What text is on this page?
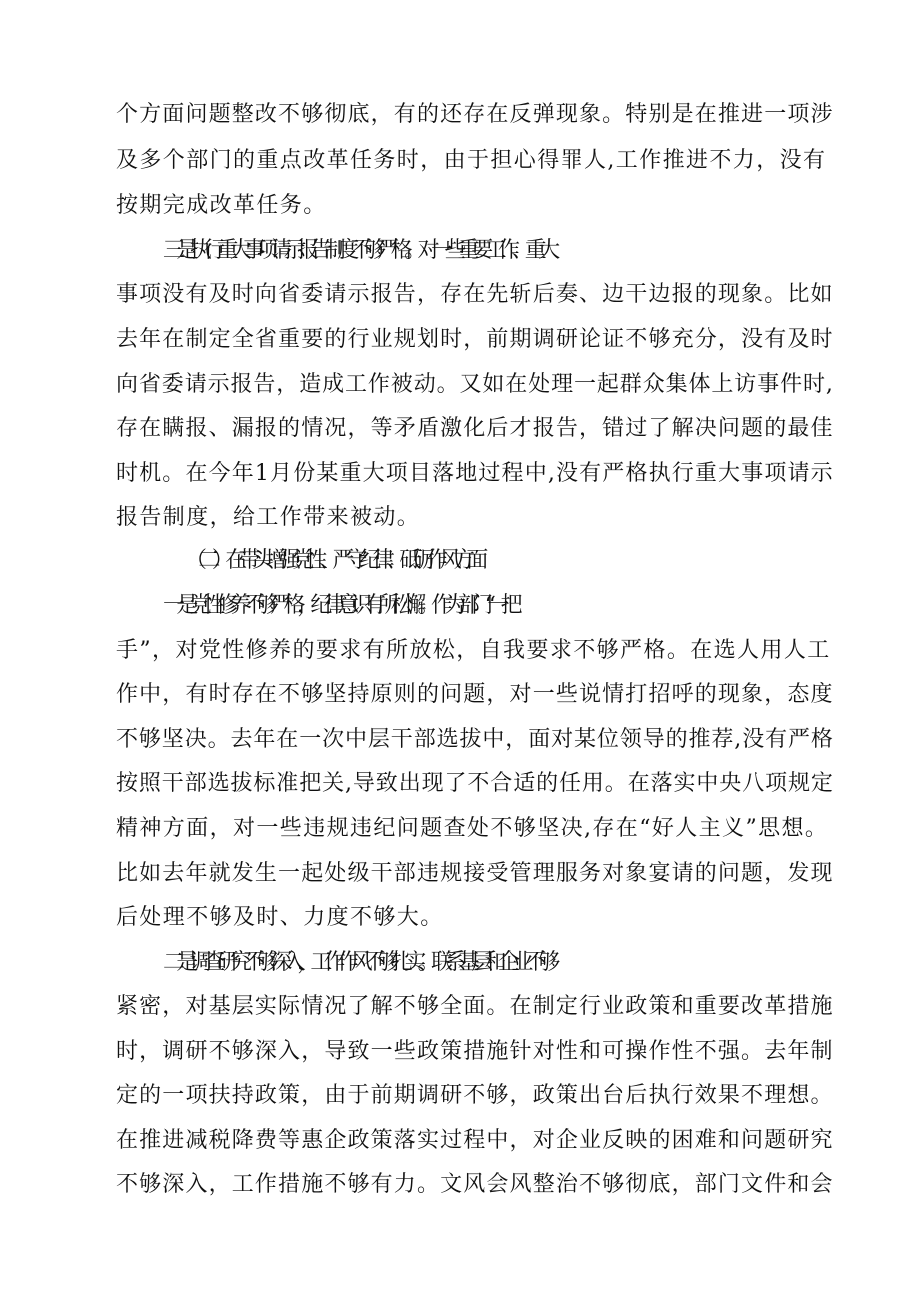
个方面问题整改不够彻底，有的还存在反弹现象。特别是在推进一项涉
及多个部门的重点改革任务时，由于担心得罪人,工作推进不力，没有
按期完成改革任务。
三是执行重大事项请示报告制度不够严格。对一些重要工作、重大
事项没有及时向省委请示报告，存在先斩后奏、边干边报的现象。比如
去年在制定全省重要的行业规划时，前期调研论证不够充分，没有及时
向省委请示报告，造成工作被动。又如在处理一起群众集体上访事件时,
存在瞒报、漏报的情况，等矛盾激化后才报告，错过了解决问题的最佳
时机。在今年1月份某重大项目落地过程中,没有严格执行重大事项请示
报告制度，给工作带来被动。
（二）在带头增强党性、严守纪律、砥砺作风方面
一是党性修养不够严格，纪律意识有所松懈。作为部门“一把
手”，对党性修养的要求有所放松，自我要求不够严格。在选人用人工
作中，有时存在不够坚持原则的问题，对一些说情打招呼的现象，态度
不够坚决。去年在一次中层干部选拔中，面对某位领导的推荐,没有严格
按照干部选拔标准把关,导致出现了不合适的任用。在落实中央八项规定
精神方面，对一些违规违纪问题查处不够坚决,存在“好人主义”思想。
比如去年就发生一起处级干部违规接受管理服务对象宴请的问题，发现
后处理不够及时、力度不够大。
二是调查研究不够深入，工作作风不够扎实。联系基层和企业不够
紧密，对基层实际情况了解不够全面。在制定行业政策和重要改革措施
时，调研不够深入，导致一些政策措施针对性和可操作性不强。去年制
定的一项扶持政策，由于前期调研不够，政策出台后执行效果不理想。
在推进减税降费等惠企政策落实过程中，对企业反映的困难和问题研究
不够深入，工作措施不够有力。文风会风整治不够彻底，部门文件和会
